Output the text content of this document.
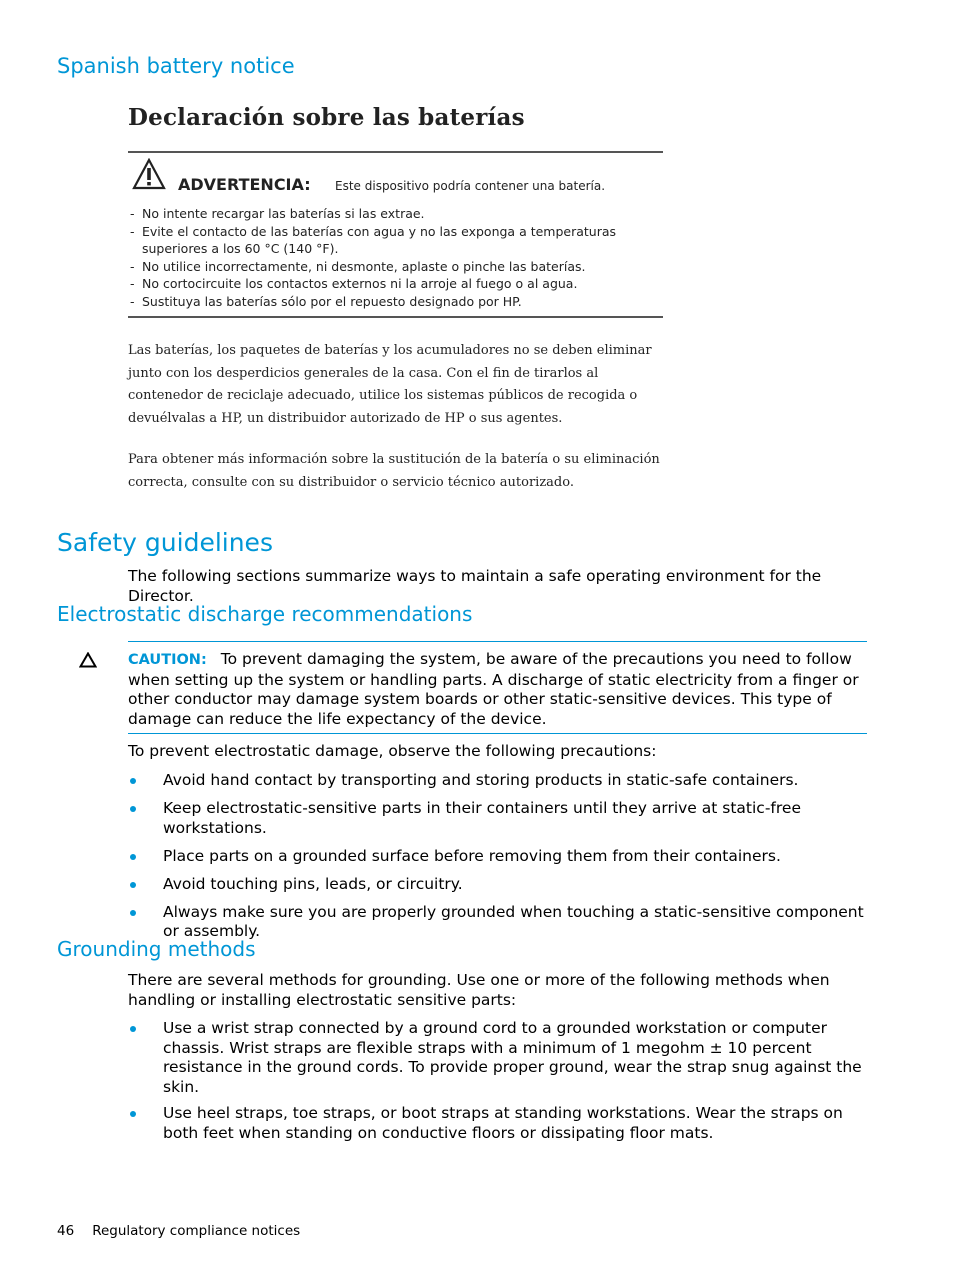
Spanish battery notice
Declaración sobre las baterías
ADVERTENCIA: Este dispositivo podría contener una batería.
- No intente recargar las baterías si las extrae.
- Evite el contacto de las baterías con agua y no las exponga a temperaturas superiores a los 60 °C (140 °F).
- No utilice incorrectamente, ni desmonte, aplaste o pinche las baterías.
- No cortocircuite los contactos externos ni la arroje al fuego o al agua.
- Sustituya las baterías sólo por el repuesto designado por HP.
Las baterías, los paquetes de baterías y los acumuladores no se deben eliminar junto con los desperdicios generales de la casa. Con el fin de tirarlos al contenedor de reciclaje adecuado, utilice los sistemas públicos de recogida o devuélvalas a HP, un distribuidor autorizado de HP o sus agentes.
Para obtener más información sobre la sustitución de la batería o su eliminación correcta, consulte con su distribuidor o servicio técnico autorizado.
Safety guidelines
The following sections summarize ways to maintain a safe operating environment for the Director.
Electrostatic discharge recommendations
CAUTION: To prevent damaging the system, be aware of the precautions you need to follow when setting up the system or handling parts. A discharge of static electricity from a finger or other conductor may damage system boards or other static-sensitive devices. This type of damage can reduce the life expectancy of the device.
To prevent electrostatic damage, observe the following precautions:
Avoid hand contact by transporting and storing products in static-safe containers.
Keep electrostatic-sensitive parts in their containers until they arrive at static-free workstations.
Place parts on a grounded surface before removing them from their containers.
Avoid touching pins, leads, or circuitry.
Always make sure you are properly grounded when touching a static-sensitive component or assembly.
Grounding methods
There are several methods for grounding. Use one or more of the following methods when handling or installing electrostatic sensitive parts:
Use a wrist strap connected by a ground cord to a grounded workstation or computer chassis. Wrist straps are flexible straps with a minimum of 1 megohm ± 10 percent resistance in the ground cords. To provide proper ground, wear the strap snug against the skin.
Use heel straps, toe straps, or boot straps at standing workstations. Wear the straps on both feet when standing on conductive floors or dissipating floor mats.
46 Regulatory compliance notices
